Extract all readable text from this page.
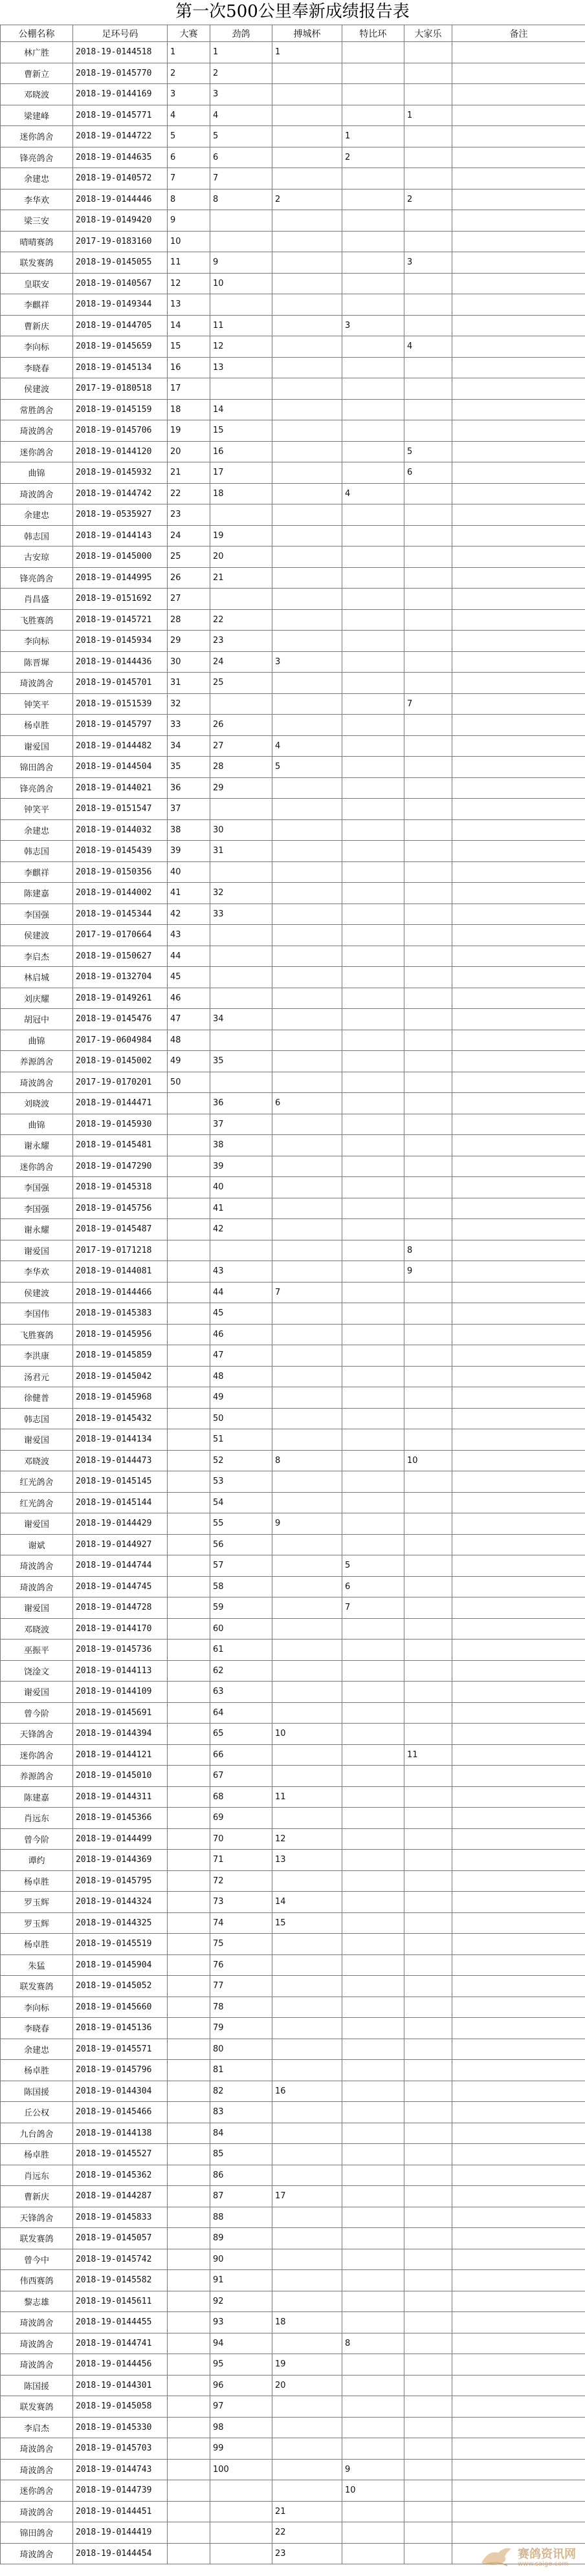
第一次500公里奉新成绩报告表
公棚名称	足环号码	大赛	劲鸽	搏城杯	特比环	大家乐	备注
林广胜	2018-19-0144518	1	1	1			
曹新立	2018-19-0145770	2	2				
邓晓波	2018-19-0144169	3	3				
梁建峰	2018-19-0145771	4	4			1	
迷你鸽舍	2018-19-0144722	5	5		1		
锋亮鸽舍	2018-19-0144635	6	6		2		
余建忠	2018-19-0140572	7	7				
李华欢	2018-19-0144446	8	8	2		2	
梁三安	2018-19-0149420	9					
晴晴赛鸽	2017-19-0183160	10					
联发赛鸽	2018-19-0145055	11	9			3	
皇联安	2018-19-0140567	12	10				
李麒祥	2018-19-0149344	13					
曹新庆	2018-19-0144705	14	11		3		
李向标	2018-19-0145659	15	12			4	
李晓春	2018-19-0145134	16	13				
侯建波	2017-19-0180518	17					
常胜鸽舍	2018-19-0145159	18	14				
琦波鸽舍	2018-19-0145706	19	15				
迷你鸽舍	2018-19-0144120	20	16			5	
曲锦	2018-19-0145932	21	17			6	
琦波鸽舍	2018-19-0144742	22	18		4		
余建忠	2018-19-0535927	23					
韩志国	2018-19-0144143	24	19				
古安琼	2018-19-0145000	25	20				
锋亮鸽舍	2018-19-0144995	26	21				
肖昌盛	2018-19-0151692	27					
飞胜赛鸽	2018-19-0145721	28	22				
李向标	2018-19-0145934	29	23				
陈晋墀	2018-19-0144436	30	24	3			
琦波鸽舍	2018-19-0145701	31	25				
钟笑平	2018-19-0151539	32				7	
杨卓胜	2018-19-0145797	33	26				
谢爱国	2018-19-0144482	34	27	4			
锦田鸽舍	2018-19-0144504	35	28	5			
锋亮鸽舍	2018-19-0144021	36	29				
钟笑平	2018-19-0151547	37					
余建忠	2018-19-0144032	38	30				
韩志国	2018-19-0145439	39	31				
李麒祥	2018-19-0150356	40					
陈建嘉	2018-19-0144002	41	32				
李国强	2018-19-0145344	42	33				
侯建波	2017-19-0170664	43					
李启杰	2018-19-0150627	44					
林启城	2018-19-0132704	45					
刘庆耀	2018-19-0149261	46					
胡冠中	2018-19-0145476	47	34				
曲锦	2017-19-0604984	48					
养源鸽舍	2018-19-0145002	49	35				
琦波鸽舍	2017-19-0170201	50					
刘晓波	2018-19-0144471		36	6			
曲锦	2018-19-0145930		37				
谢永耀	2018-19-0145481		38				
迷你鸽舍	2018-19-0147290		39				
李国强	2018-19-0145318		40				
李国强	2018-19-0145756		41				
谢永耀	2018-19-0145487		42				
谢爱国	2017-19-0171218					8	
李华欢	2018-19-0144081		43			9	
侯建波	2018-19-0144466		44	7			
李国伟	2018-19-0145383		45				
飞胜赛鸽	2018-19-0145956		46				
李洪康	2018-19-0145859		47				
汤君元	2018-19-0145042		48				
徐健普	2018-19-0145968		49				
韩志国	2018-19-0145432		50				
谢爱国	2018-19-0144134		51				
邓晓波	2018-19-0144473		52	8		10	
红光鸽舍	2018-19-0145145		53				
红光鸽舍	2018-19-0145144		54				
谢爱国	2018-19-0144429		55	9			
谢斌	2018-19-0144927		56				
琦波鸽舍	2018-19-0144744		57		5		
琦波鸽舍	2018-19-0144745		58		6		
谢爱国	2018-19-0144728		59		7		
邓晓波	2018-19-0144170		60				
巫振平	2018-19-0145736		61				
饶淦文	2018-19-0144113		62				
谢爱国	2018-19-0144109		63				
曾今阶	2018-19-0145691		64				
天锋鸽舍	2018-19-0144394		65	10			
迷你鸽舍	2018-19-0144121		66			11	
养源鸽舍	2018-19-0145010		67				
陈建嘉	2018-19-0144311		68	11			
肖远东	2018-19-0145366		69				
曾今阶	2018-19-0144499		70	12			
谭约	2018-19-0144369		71	13			
杨卓胜	2018-19-0145795		72				
罗玉辉	2018-19-0144324		73	14			
罗玉辉	2018-19-0144325		74	15			
杨卓胜	2018-19-0145519		75				
朱猛	2018-19-0145904		76				
联发赛鸽	2018-19-0145052		77				
李向标	2018-19-0145660		78				
李晓春	2018-19-0145136		79				
余建忠	2018-19-0145571		80				
杨卓胜	2018-19-0145796		81				
陈国援	2018-19-0144304		82	16			
丘公权	2018-19-0145466		83				
九台鸽舍	2018-19-0144138		84				
杨卓胜	2018-19-0145527		85				
肖远东	2018-19-0145362		86				
曹新庆	2018-19-0144287		87	17			
天锋鸽舍	2018-19-0145833		88				
联发赛鸽	2018-19-0145057		89				
曾今中	2018-19-0145742		90				
伟西赛鸽	2018-19-0145582		91				
黎志雄	2018-19-0145611		92				
琦波鸽舍	2018-19-0144455		93	18			
琦波鸽舍	2018-19-0144741		94		8		
琦波鸽舍	2018-19-0144456		95	19			
陈国援	2018-19-0144301		96	20			
联发赛鸽	2018-19-0145058		97				
李启杰	2018-19-0145330		98				
琦波鸽舍	2018-19-0145703		99				
琦波鸽舍	2018-19-0144743		100		9		
迷你鸽舍	2018-19-0144739				10		
琦波鸽舍	2018-19-0144451			21			
锦田鸽舍	2018-19-0144419			22			
琦波鸽舍	2018-19-0144454			23				赛鸽资讯网
www.saige.com
